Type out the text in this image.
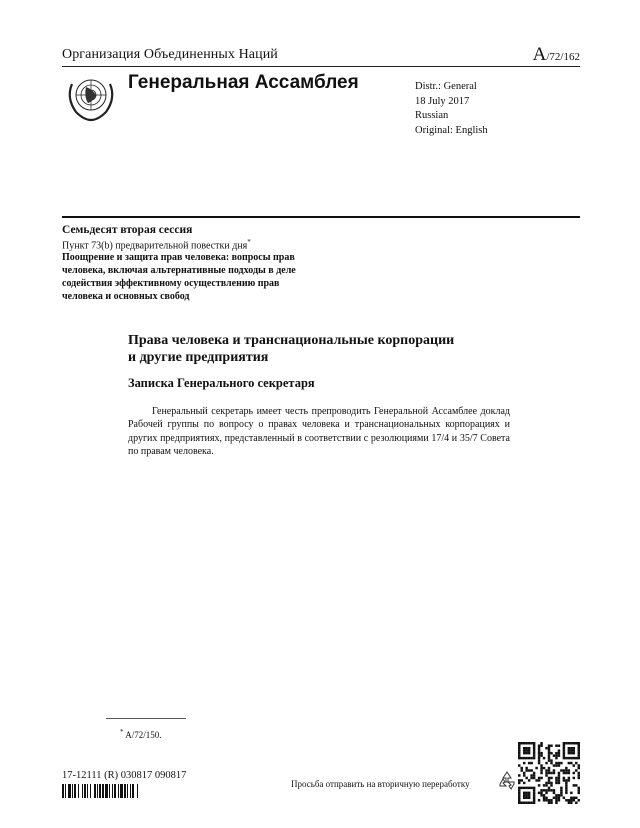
Организация Объединенных Наций	A/72/162
Генеральная Ассамблея	Distr.: General
18 July 2017
Russian
Original: English
Семьдесят вторая сессия
Пункт 73(b) предварительной повестки дня*
Поощрение и защита прав человека: вопросы прав человека, включая альтернативные подходы в деле содействия эффективному осуществлению прав человека и основных свобод
Права человека и транснациональные корпорации
и другие предприятия
Записка Генерального секретаря
Генеральный секретарь имеет честь препроводить Генеральной Ассамблее доклад Рабочей группы по вопросу о правах человека и транснациональных корпорациях и других предприятиях, представленный в соответствии с резолюциями 17/4 и 35/7 Совета по правам человека.
* A/72/150.
17-12111 (R) 030817 090817
Просьба отправить на вторичную переработку
